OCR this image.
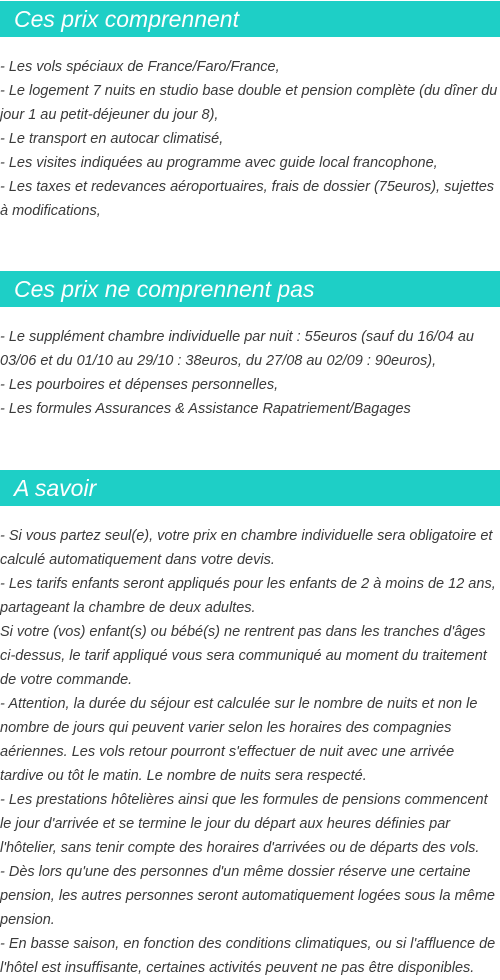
Ces prix comprennent

- Les vols spéciaux de France/Faro/France,

- Le logement 7 nuits en studio base double et pension complète (du dîner du jour 1 au petit-déjeuner du jour 8),

- Le transport en autocar climatisé,

- Les visites indiquées au programme avec guide local francophone,

- Les taxes et redevances aéroportuaires, frais de dossier (75euros), sujettes à modifications,

Ces prix ne comprennent pas

- Le supplément chambre individuelle par nuit : 55euros (sauf du 16/04 au 03/06 et du 01/10 au 29/10 : 38euros, du 27/08 au 02/09 : 90euros),

- Les pourboires et dépenses personnelles,

- Les formules Assurances & Assistance Rapatriement/Bagages

A savoir

- Si vous partez seul(e), votre prix en chambre individuelle sera obligatoire et calculé automatiquement dans votre devis.

- Les tarifs enfants seront appliqués pour les enfants de 2 à moins de 12 ans, partageant la chambre de deux adultes.

Si votre (vos) enfant(s) ou bébé(s) ne rentrent pas dans les tranches d'âges ci-dessus, le tarif appliqué vous sera communiqué au moment du traitement de votre commande.

- Attention, la durée du séjour est calculée sur le nombre de nuits et non le nombre de jours qui peuvent varier selon les horaires des compagnies aériennes. Les vols retour pourront s'effectuer de nuit avec une arrivée tardive ou tôt le matin. Le nombre de nuits sera respecté.

- Les prestations hôtelières ainsi que les formules de pensions commencent le jour d'arrivée et se termine le jour du départ aux heures définies par l'hôtelier, sans tenir compte des horaires d'arrivées ou de départs des vols.

- Dès lors qu'une des personnes d'un même dossier réserve une certaine pension, les autres personnes seront automatiquement logées sous la même pension.

- En basse saison, en fonction des conditions climatiques, ou si l'affluence de l'hôtel est insuffisante, certaines activités peuvent ne pas être disponibles.
